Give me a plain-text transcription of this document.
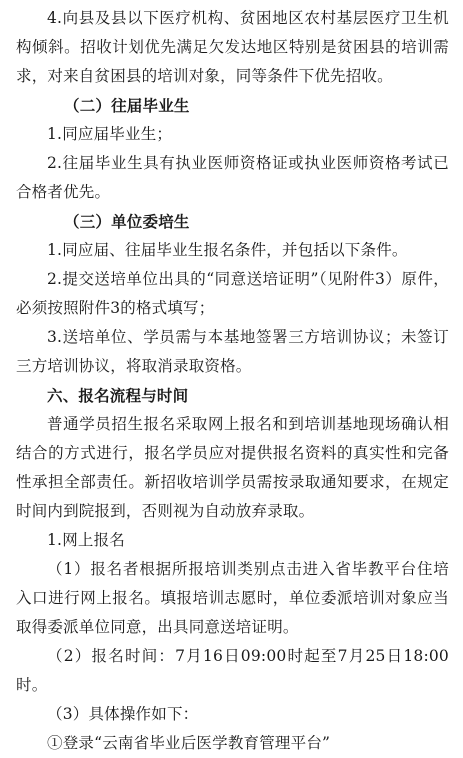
4.向县及县以下医疗机构、贫困地区农村基层医疗卫生机构倾斜。招收计划优先满足欠发达地区特别是贫困县的培训需求，对来自贫困县的培训对象，同等条件下优先招收。

（二）往届毕业生

1.同应届毕业生；

2.往届毕业生具有执业医师资格证或执业医师资格考试已合格者优先。

（三）单位委培生

1.同应届、往届毕业生报名条件，并包括以下条件。

2.提交送培单位出具的“同意送培证明”（见附件3）原件，必须按照附件3的格式填写；

3.送培单位、学员需与本基地签署三方培训协议；未签订三方培训协议，将取消录取资格。

六、报名流程与时间

普通学员招生报名采取网上报名和到培训基地现场确认相结合的方式进行，报名学员应对提供报名资料的真实性和完备性承担全部责任。新招收培训学员需按录取通知要求，在规定时间内到院报到，否则视为自动放弃录取。

1.网上报名

（1）报名者根据所报培训类别点击进入省毕教平台住培入口进行网上报名。填报培训志愿时，单位委派培训对象应当取得委派单位同意，出具同意送培证明。

（2）报名时间：7月16日09:00时起至7月25日18:00时。

（3）具体操作如下：

①登录“云南省毕业后医学教育管理平台”
